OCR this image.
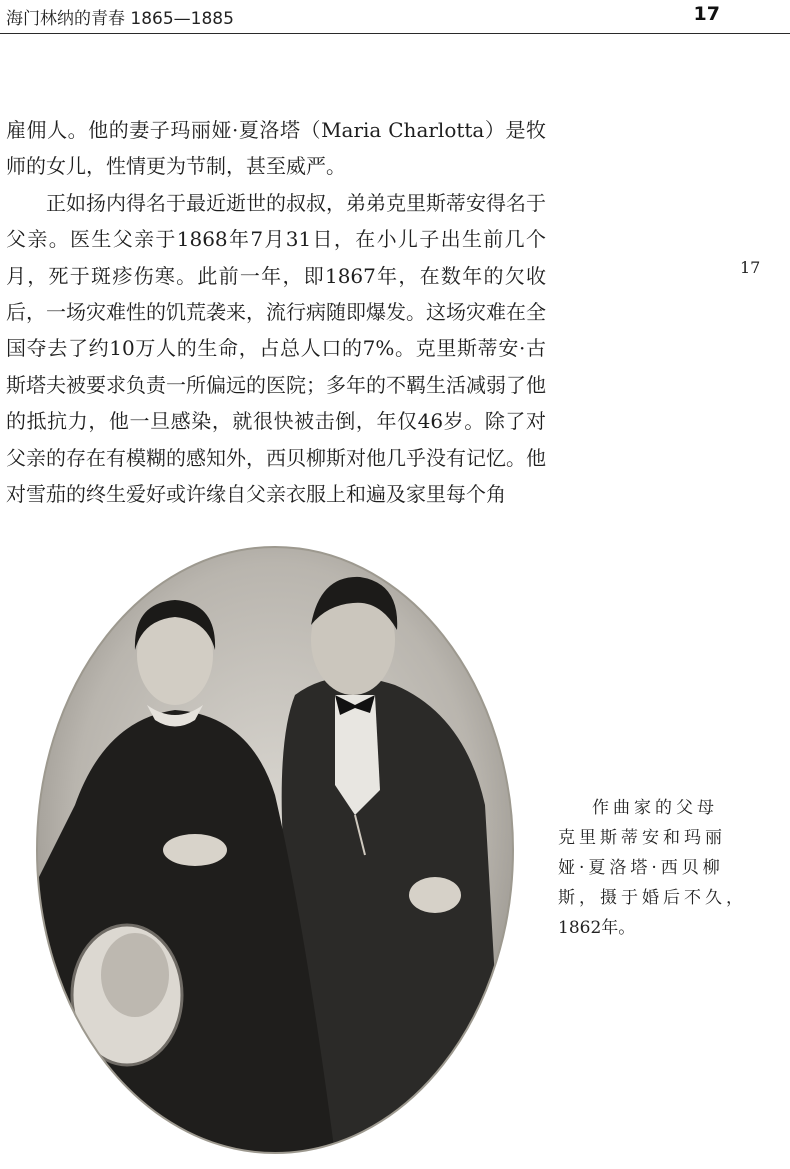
海门林纳的青春 1865—1885	17

雇佣人。他的妻子玛丽娅·夏洛塔（Maria Charlotta）是牧师的女儿，性情更为节制，甚至威严。

正如扬内得名于最近逝世的叔叔，弟弟克里斯蒂安得名于父亲。医生父亲于1868年7月31日，在小儿子出生前几个月，死于斑疹伤寒。此前一年，即1867年，在数年的欠收后，一场灾难性的饥荒袭来，流行病随即爆发。这场灾难在全国夺去了约10万人的生命，占总人口的7%。克里斯蒂安·古斯塔夫被要求负责一所偏远的医院；多年的不羁生活减弱了他的抵抗力，他一旦感染，就很快被击倒，年仅46岁。除了对父亲的存在有模糊的感知外，西贝柳斯对他几乎没有记忆。他对雪茄的终生爱好或许缘自父亲衣服上和遍及家里每个角

17
作曲家的父母
克里斯蒂安和玛丽
娅·夏洛塔·西贝柳
斯，摄于婚后不久，
1862年。
